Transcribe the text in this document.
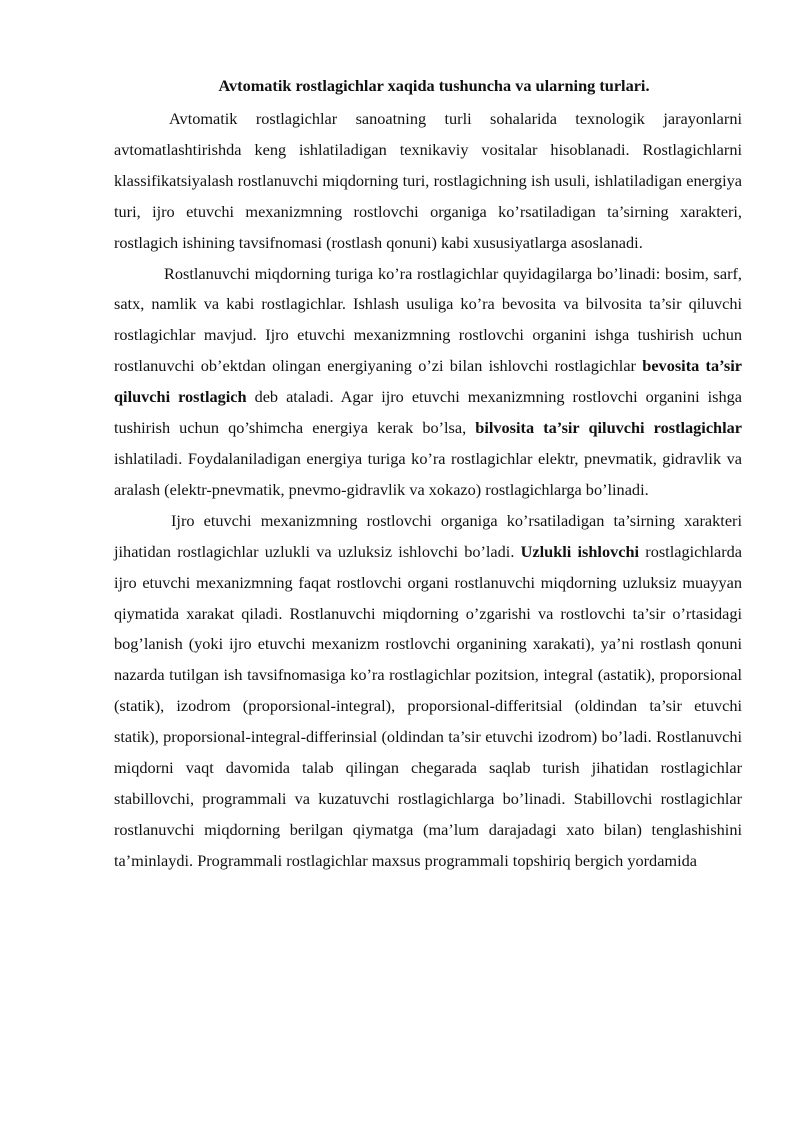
Avtomatik rostlagichlar xaqida tushuncha va ularning turlari.

Avtomatik rostlagichlar sanoatning turli sohalarida texnologik jarayonlarni avtomatlashtirishda keng ishlatiladigan texnikaviy vositalar hisoblanadi. Rostlagichlarni klassifikatsiyalash rostlanuvchi miqdorning turi, rostlagichning ish usuli, ishlatiladigan energiya turi, ijro etuvchi mexanizmning rostlovchi organiga ko’rsatiladigan ta’sirning xarakteri, rostlagich ishining tavsifnomasi (rostlash qonuni) kabi xususiyatlarga asoslanadi.

Rostlanuvchi miqdorning turiga ko’ra rostlagichlar quyidagilarga bo’linadi: bosim, sarf, satx, namlik va kabi rostlagichlar. Ishlash usuliga ko’ra bevosita va bilvosita ta’sir qiluvchi rostlagichlar mavjud. Ijro etuvchi mexanizmning rostlovchi organini ishga tushirish uchun rostlanuvchi ob’ektdan olingan energiyaning o’zi bilan ishlovchi rostlagichlar bevosita ta’sir qiluvchi rostlagich deb ataladi. Agar ijro etuvchi mexanizmning rostlovchi organini ishga tushirish uchun qo’shimcha energiya kerak bo’lsa, bilvosita ta’sir qiluvchi rostlagichlar ishlatiladi. Foydalaniladigan energiya turiga ko’ra rostlagichlar elektr, pnevmatik, gidravlik va aralash (elektr-pnevmatik, pnevmo-gidravlik va xokazo) rostlagichlarga bo’linadi.

Ijro etuvchi mexanizmning rostlovchi organiga ko’rsatiladigan ta’sirning xarakteri jihatidan rostlagichlar uzlukli va uzluksiz ishlovchi bo’ladi. Uzlukli ishlovchi rostlagichlarda ijro etuvchi mexanizmning faqat rostlovchi organi rostlanuvchi miqdorning uzluksiz muayyan qiymatida xarakat qiladi. Rostlanuvchi miqdorning o’zgarishi va rostlovchi ta’sir o’rtasidagi bog’lanish (yoki ijro etuvchi mexanizm rostlovchi organining xarakati), ya’ni rostlash qonuni nazarda tutilgan ish tavsifnomasiga ko’ra rostlagichlar pozitsion, integral (astatik), proporsional (statik), izodrom (proporsional-integral), proporsional-differitsial (oldindan ta’sir etuvchi statik), proporsional-integral-differinsial (oldindan ta’sir etuvchi izodrom) bo’ladi. Rostlanuvchi miqdorni vaqt davomida talab qilingan chegarada saqlab turish jihatidan rostlagichlar stabillovchi, programmali va kuzatuvchi rostlagichlarga bo’linadi. Stabillovchi rostlagichlar rostlanuvchi miqdorning berilgan qiymatga (ma’lum darajadagi xato bilan) tenglashishini ta’minlaydi. Programmali rostlagichlar maxsus programmali topshiriq bergich yordamida
